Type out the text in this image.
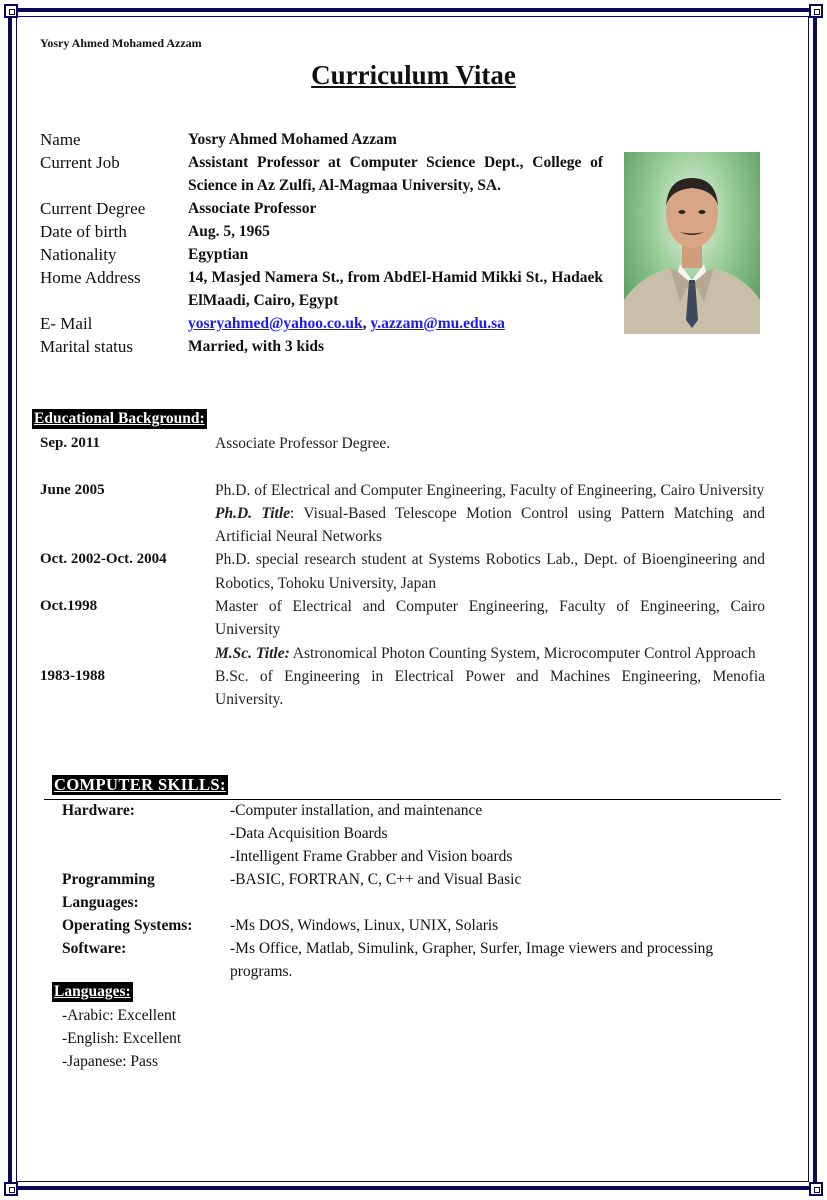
Yosry Ahmed Mohamed Azzam
Curriculum Vitae
Name	Yosry Ahmed Mohamed Azzam
Current Job	Assistant Professor at Computer Science Dept., College of Science in Az Zulfi, Al-Magmaa University, SA.
Current Degree	Associate Professor
Date of birth	Aug. 5, 1965
Nationality	Egyptian
Home Address	14, Masjed Namera St., from AbdEl-Hamid Mikki St., Hadaek ElMaadi, Cairo, Egypt
E- Mail	yosryahmed@yahoo.co.uk, y.azzam@mu.edu.sa
Marital status	Married, with 3 kids
Educational Background:
Sep. 2011	Associate Professor Degree.
June 2005	Ph.D. of Electrical and Computer Engineering, Faculty of Engineering, Cairo University
Ph.D. Title: Visual-Based Telescope Motion Control using Pattern Matching and Artificial Neural Networks
Oct. 2002-Oct. 2004	Ph.D. special research student at Systems Robotics Lab., Dept. of Bioengineering and Robotics, Tohoku University, Japan
Oct.1998	Master of Electrical and Computer Engineering, Faculty of Engineering, Cairo University
M.Sc. Title: Astronomical Photon Counting System, Microcomputer Control Approach
1983-1988	B.Sc. of Engineering in Electrical Power and Machines Engineering, Menofia University.
COMPUTER SKILLS:
Hardware:	-Computer installation, and maintenance
-Data Acquisition Boards
-Intelligent Frame Grabber and Vision boards
Programming Languages:
-BASIC, FORTRAN, C, C++ and Visual Basic
Operating Systems:	-Ms DOS, Windows, Linux, UNIX, Solaris
Software:	-Ms Office, Matlab, Simulink, Grapher, Surfer, Image viewers and processing programs.
Languages:
-Arabic: Excellent
-English: Excellent
-Japanese: Pass
